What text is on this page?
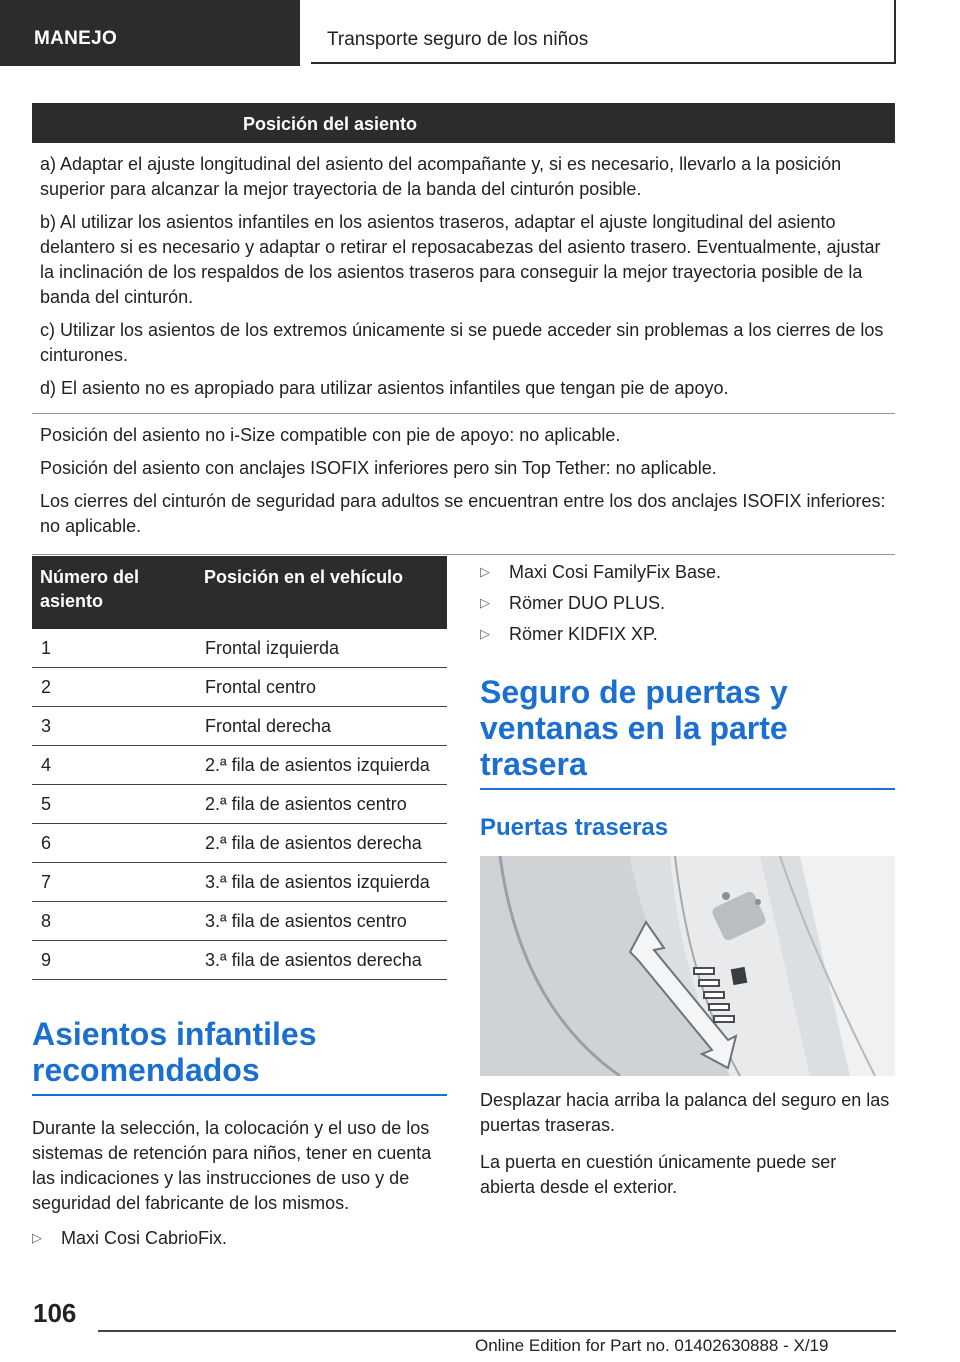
MANEJO	Transporte seguro de los niños
Posición del asiento

a) Adaptar el ajuste longitudinal del asiento del acompañante y, si es necesario, llevarlo a la posición superior para alcanzar la mejor trayectoria de la banda del cinturón posible.

b) Al utilizar los asientos infantiles en los asientos traseros, adaptar el ajuste longitudinal del asiento delantero si es necesario y adaptar o retirar el reposacabezas del asiento trasero. Eventualmente, ajustar la inclinación de los respaldos de los asientos traseros para conseguir la mejor trayectoria posible de la banda del cinturón.

c) Utilizar los asientos de los extremos únicamente si se puede acceder sin problemas a los cierres de los cinturones.

d) El asiento no es apropiado para utilizar asientos infantiles que tengan pie de apoyo.

Posición del asiento no i-Size compatible con pie de apoyo: no aplicable.

Posición del asiento con anclajes ISOFIX inferiores pero sin Top Tether: no aplicable.

Los cierres del cinturón de seguridad para adultos se encuentran entre los dos anclajes ISOFIX inferiores: no aplicable.

Número del asiento	Posición en el vehículo
1	Frontal izquierda
2	Frontal centro
3	Frontal derecha
4	2.ª fila de asientos izquierda
5	2.ª fila de asientos centro
6	2.ª fila de asientos derecha
7	3.ª fila de asientos izquierda
8	3.ª fila de asientos centro
9	3.ª fila de asientos derecha
Asientos infantiles recomendados

Durante la selección, la colocación y el uso de los sistemas de retención para niños, tener en cuenta las indicaciones y las instrucciones de uso y de seguridad del fabricante de los mismos.

▷ Maxi Cosi CabrioFix.
▷ Maxi Cosi FamilyFix Base.
▷ Römer DUO PLUS.
▷ Römer KIDFIX XP.
Seguro de puertas y ventanas en la parte trasera
Puertas traseras

Desplazar hacia arriba la palanca del seguro en las puertas traseras.

La puerta en cuestión únicamente puede ser abierta desde el exterior.

106
Online Edition for Part no. 01402630888 - X/19
